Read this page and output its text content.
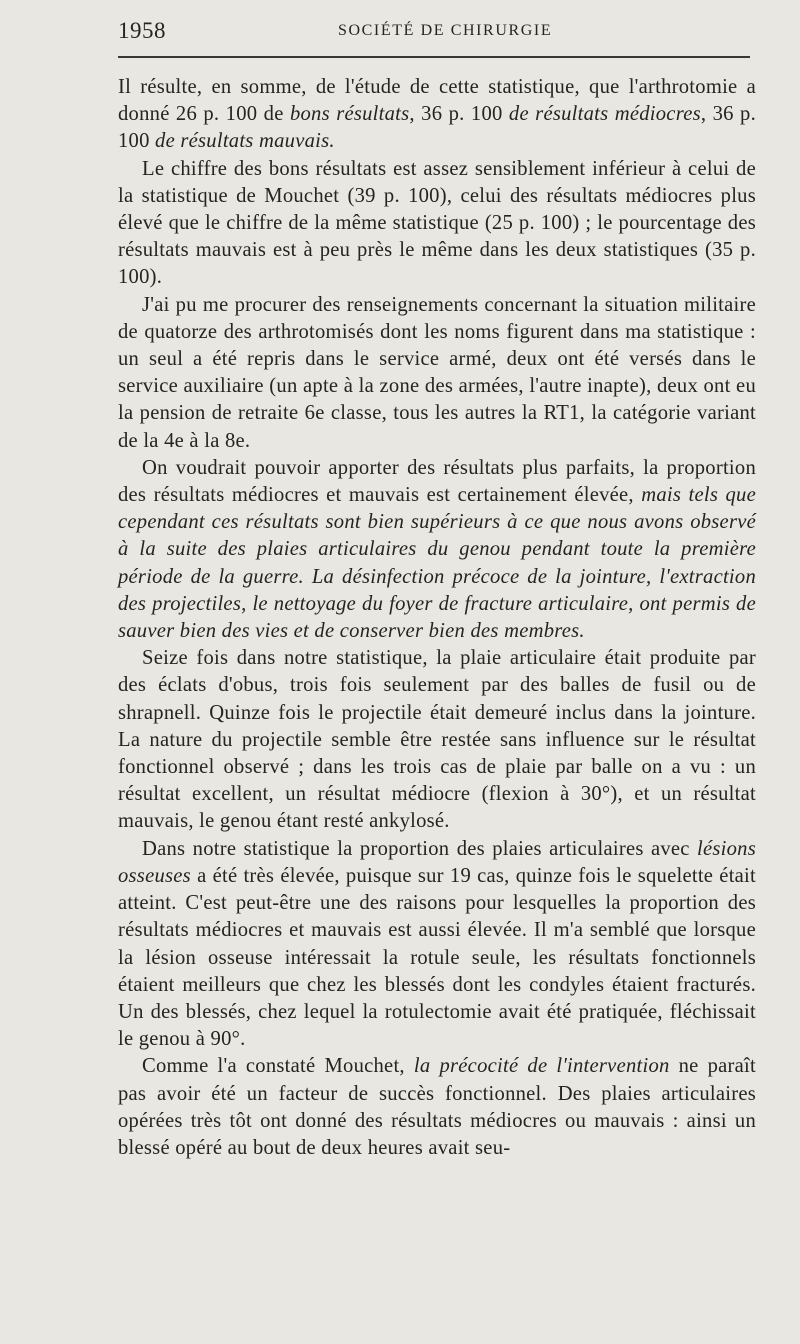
1958	SOCIÉTÉ DE CHIRURGIE

Il résulte, en somme, de l'étude de cette statistique, que l'arthrotomie a donné 26 p. 100 de bons résultats, 36 p. 100 de résultats médiocres, 36 p. 100 de résultats mauvais.

Le chiffre des bons résultats est assez sensiblement inférieur à celui de la statistique de Mouchet (39 p. 100), celui des résultats médiocres plus élevé que le chiffre de la même statistique (25 p. 100) ; le pourcentage des résultats mauvais est à peu près le même dans les deux statistiques (35 p. 100).

J'ai pu me procurer des renseignements concernant la situation militaire de quatorze des arthrotomisés dont les noms figurent dans ma statistique : un seul a été repris dans le service armé, deux ont été versés dans le service auxiliaire (un apte à la zone des armées, l'autre inapte), deux ont eu la pension de retraite 6e classe, tous les autres la RT1, la catégorie variant de la 4e à la 8e.

On voudrait pouvoir apporter des résultats plus parfaits, la proportion des résultats médiocres et mauvais est certainement élevée, mais tels que cependant ces résultats sont bien supérieurs à ce que nous avons observé à la suite des plaies articulaires du genou pendant toute la première période de la guerre. La désinfection précoce de la jointure, l'extraction des projectiles, le nettoyage du foyer de fracture articulaire, ont permis de sauver bien des vies et de conserver bien des membres.

Seize fois dans notre statistique, la plaie articulaire était produite par des éclats d'obus, trois fois seulement par des balles de fusil ou de shrapnell. Quinze fois le projectile était demeuré inclus dans la jointure. La nature du projectile semble être restée sans influence sur le résultat fonctionnel observé ; dans les trois cas de plaie par balle on a vu : un résultat excellent, un résultat médiocre (flexion à 30°), et un résultat mauvais, le genou étant resté ankylosé.

Dans notre statistique la proportion des plaies articulaires avec lésions osseuses a été très élevée, puisque sur 19 cas, quinze fois le squelette était atteint. C'est peut-être une des raisons pour lesquelles la proportion des résultats médiocres et mauvais est aussi élevée. Il m'a semblé que lorsque la lésion osseuse intéressait la rotule seule, les résultats fonctionnels étaient meilleurs que chez les blessés dont les condyles étaient fracturés. Un des blessés, chez lequel la rotulectomie avait été pratiquée, fléchissait le genou à 90°.

Comme l'a constaté Mouchet, la précocité de l'intervention ne paraît pas avoir été un facteur de succès fonctionnel. Des plaies articulaires opérées très tôt ont donné des résultats médiocres ou mauvais : ainsi un blessé opéré au bout de deux heures avait seu-
